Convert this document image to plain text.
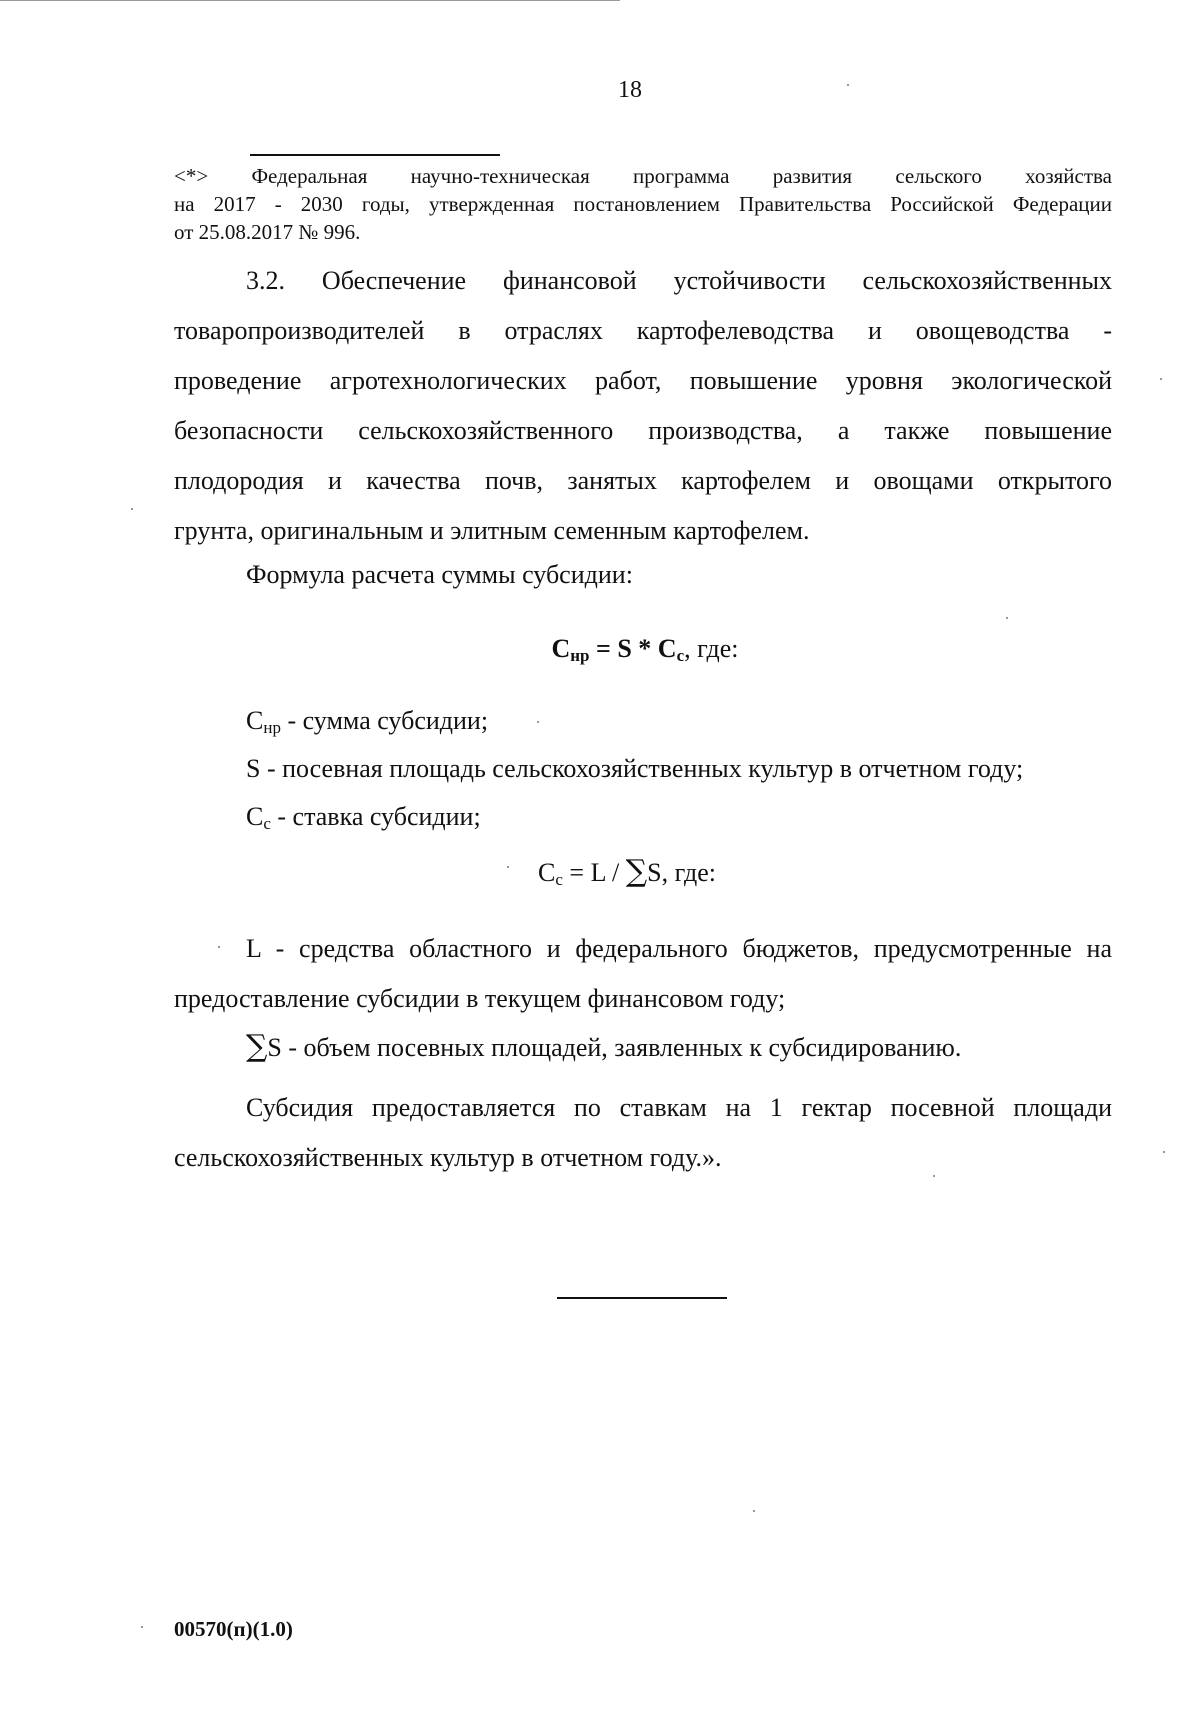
18
<*> Федеральная научно-техническая программа развития сельского хозяйства
на 2017 - 2030 годы, утвержденная постановлением Правительства Российской Федерации
от 25.08.2017 № 996.
3.2. Обеспечение финансовой устойчивости сельскохозяйственных
товаропроизводителей в отраслях картофелеводства и овощеводства -
проведение агротехнологических работ, повышение уровня экологической
безопасности сельскохозяйственного производства, а также повышение
плодородия и качества почв, занятых картофелем и овощами открытого
грунта, оригинальным и элитным семенным картофелем.
Формула расчета суммы субсидии:
$С_{нр} = S * С_с$, где:
$С_{нр}$ - сумма субсидии;
S - посевная площадь сельскохозяйственных культур в отчетном году;
$С_с$ - ставка субсидии;
$С_с = L / \sum S$, где:
L - средства областного и федерального бюджетов, предусмотренные на
предоставление субсидии в текущем финансовом году;
∑S - объем посевных площадей, заявленных к субсидированию.
Субсидия предоставляется по ставкам на 1 гектар посевной площади
сельскохозяйственных культур в отчетном году.».
00570(п)(1.0)
